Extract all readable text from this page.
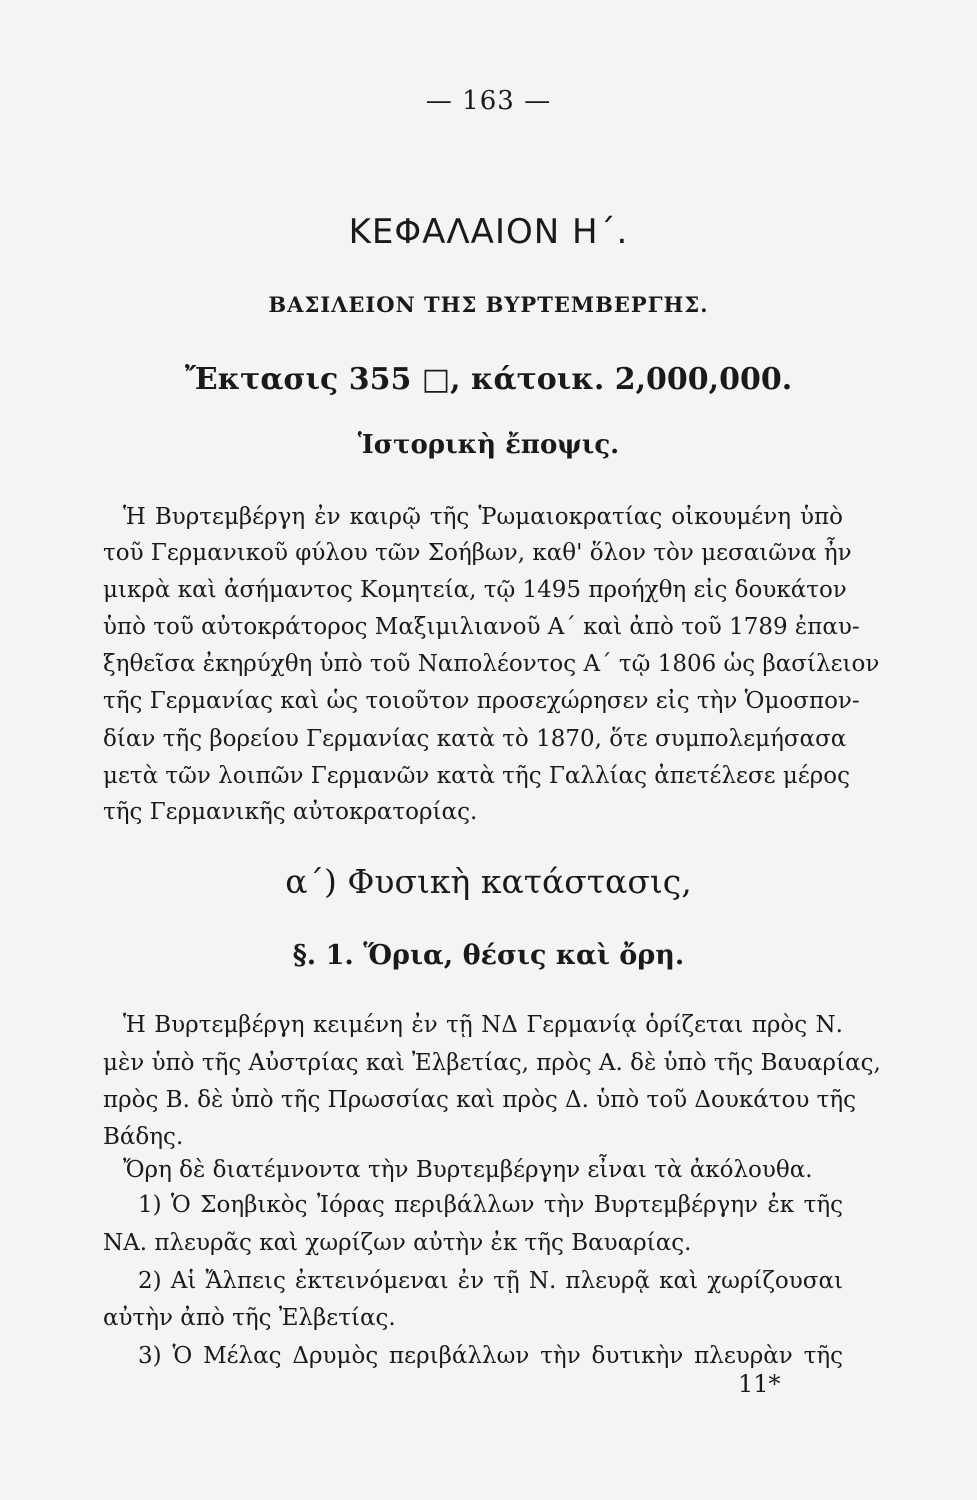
— 163 —
ΚΕΦΑΛΑΙΟΝ Η΄.
ΒΑΣΙΛΕΙΟΝ ΤΗΣ ΒΥΡΤΕΜΒΕΡΓΗΣ.
Ἔκτασις 355 □, κάτοικ. 2,000,000.
Ἱστορικὴ ἔποψις.
Ἡ Βυρτεμβέργη ἐν καιρῷ τῆς Ῥωμαιοκρατίας οἰκουμένη ὑπὸ
τοῦ Γερμανικοῦ φύλου τῶν Σοήβων, καθ' ὅλον τὸν μεσαιῶνα ἦν
μικρὰ καὶ ἀσήμαντος Κομητεία, τῷ 1495 προήχθη εἰς δουκάτον
ὑπὸ τοῦ αὐτοκράτορος Μαξιμιλιανοῦ Α΄ καὶ ἀπὸ τοῦ 1789 ἐπαυ-
ξηθεῖσα ἐκηρύχθη ὑπὸ τοῦ Ναπολέοντος Α΄ τῷ 1806 ὡς βασίλειον
τῆς Γερμανίας καὶ ὡς τοιοῦτον προσεχώρησεν εἰς τὴν Ὁμοσπον-
δίαν τῆς βορείου Γερμανίας κατὰ τὸ 1870, ὅτε συμπολεμήσασα
μετὰ τῶν λοιπῶν Γερμανῶν κατὰ τῆς Γαλλίας ἀπετέλεσε μέρος
τῆς Γερμανικῆς αὐτοκρατορίας.
α΄) Φυσικὴ κατάστασις,
§. 1. Ὅρια, θέσις καὶ ὄρη.
Ἡ Βυρτεμβέργη κειμένη ἐν τῇ ΝΔ Γερμανίᾳ ὁρίζεται πρὸς Ν.
μὲν ὑπὸ τῆς Αὐστρίας καὶ Ἐλβετίας, πρὸς Α. δὲ ὑπὸ τῆς Βαυαρίας,
πρὸς Β. δὲ ὑπὸ τῆς Πρωσσίας καὶ πρὸς Δ. ὑπὸ τοῦ Δουκάτου τῆς
Βάδης.
Ὄρη δὲ διατέμνοντα τὴν Βυρτεμβέργην εἶναι τὰ ἀκόλουθα.
1) Ὁ Σοηβικὸς Ἰόρας περιβάλλων τὴν Βυρτεμβέργην ἐκ τῆς
ΝΑ. πλευρᾶς καὶ χωρίζων αὐτὴν ἐκ τῆς Βαυαρίας.
2) Αἱ Ἄλπεις ἐκτεινόμεναι ἐν τῇ Ν. πλευρᾷ καὶ χωρίζουσαι
αὐτὴν ἀπὸ τῆς Ἐλβετίας.
3) Ὁ Μέλας Δρυμὸς περιβάλλων τὴν δυτικὴν πλευρὰν τῆς
11*
